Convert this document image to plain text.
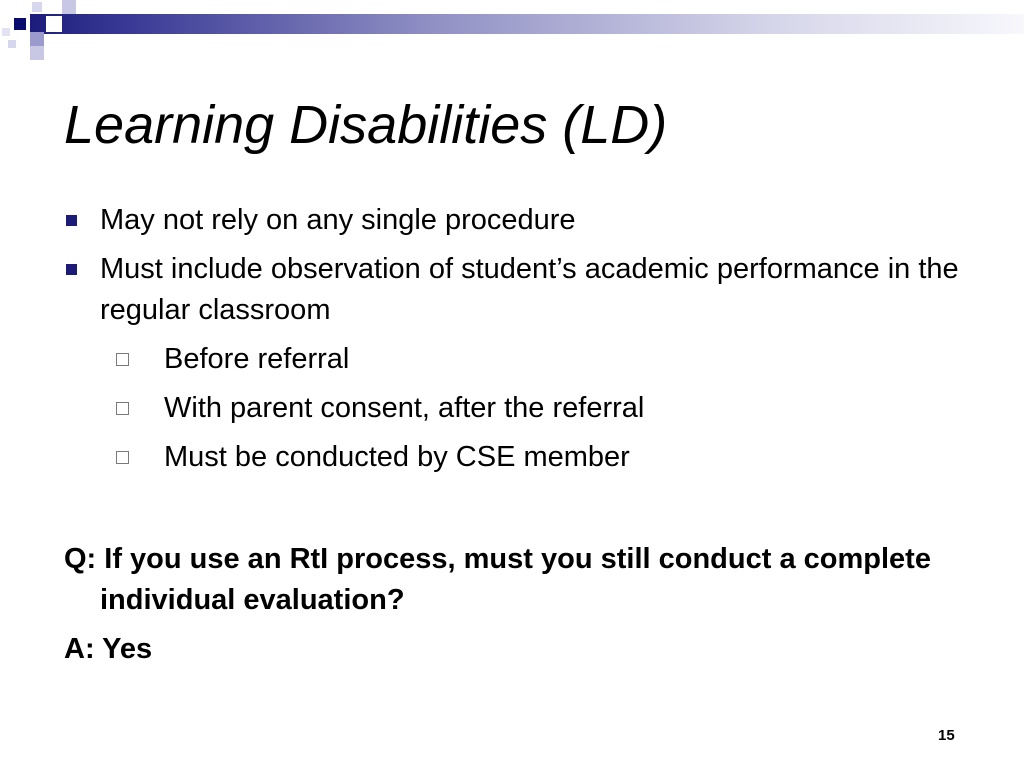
Learning Disabilities (LD)
May not rely on any single procedure
Must include observation of student’s academic performance in the regular classroom
Before referral
With parent consent, after the referral
Must be conducted by CSE member
Q: If you use an RtI process, must you still conduct a complete individual evaluation?
A: Yes
15
